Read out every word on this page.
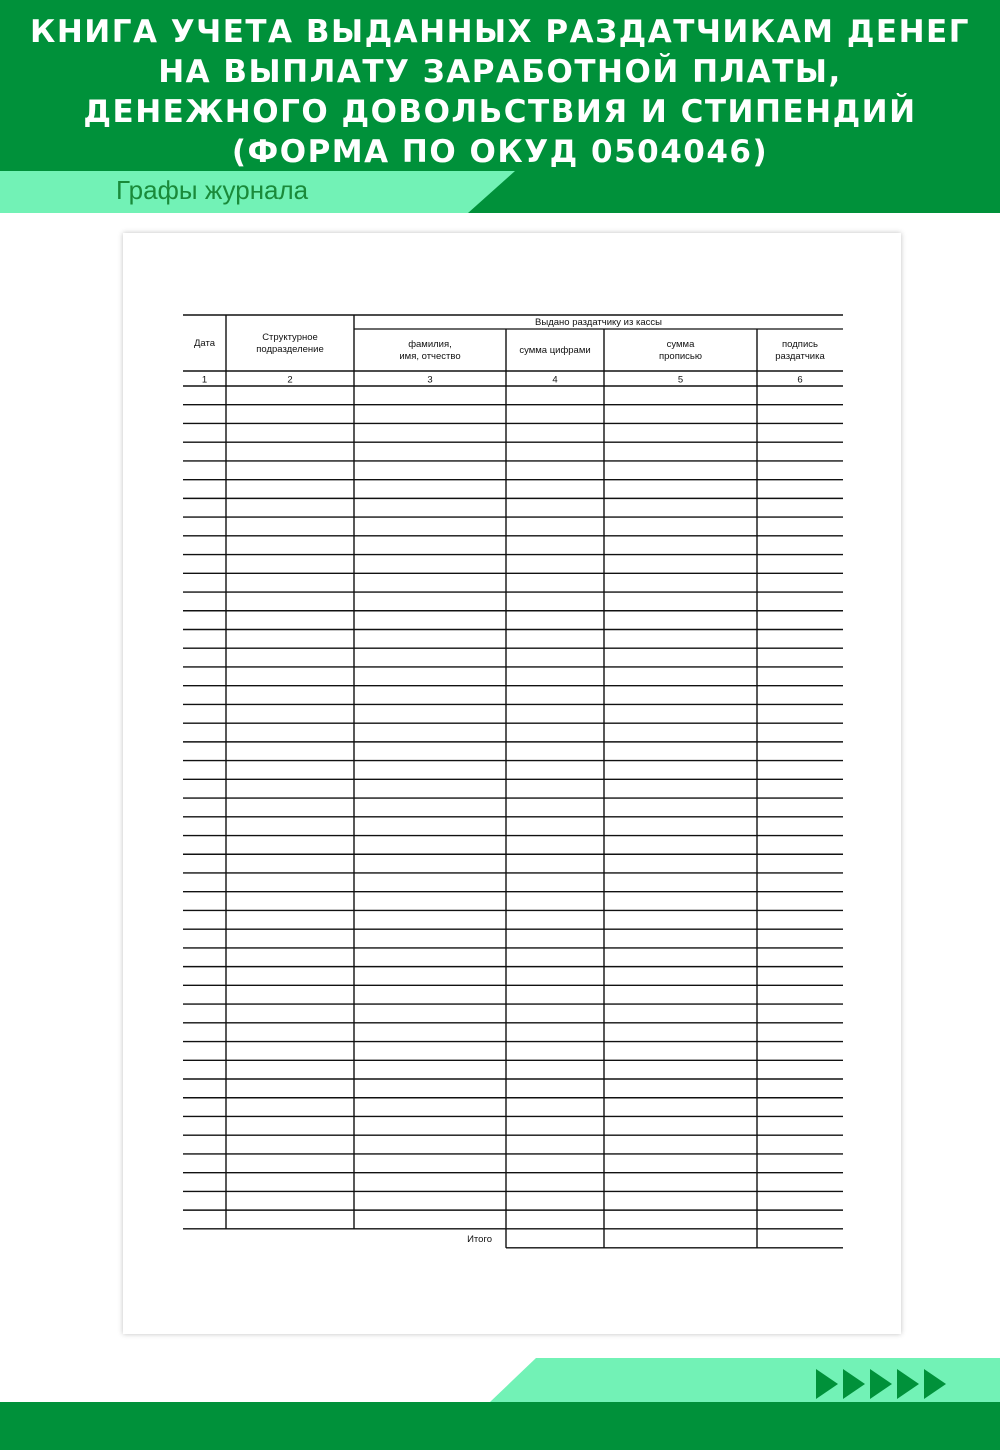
КНИГА УЧЕТА ВЫДАННЫХ РАЗДАТЧИКАМ ДЕНЕГ
НА ВЫПЛАТУ ЗАРАБОТНОЙ ПЛАТЫ,
ДЕНЕЖНОГО ДОВОЛЬСТВИЯ И СТИПЕНДИЙ
(ФОРМА ПО ОКУД 0504046)
Графы журнала
Выдано раздатчику из кассы
Дата
1
Структурное
подразделение
2
фамилия,
имя, отчество
3
сумма цифрами
4
сумма
прописью
5
подпись
раздатчика
6
Итого
